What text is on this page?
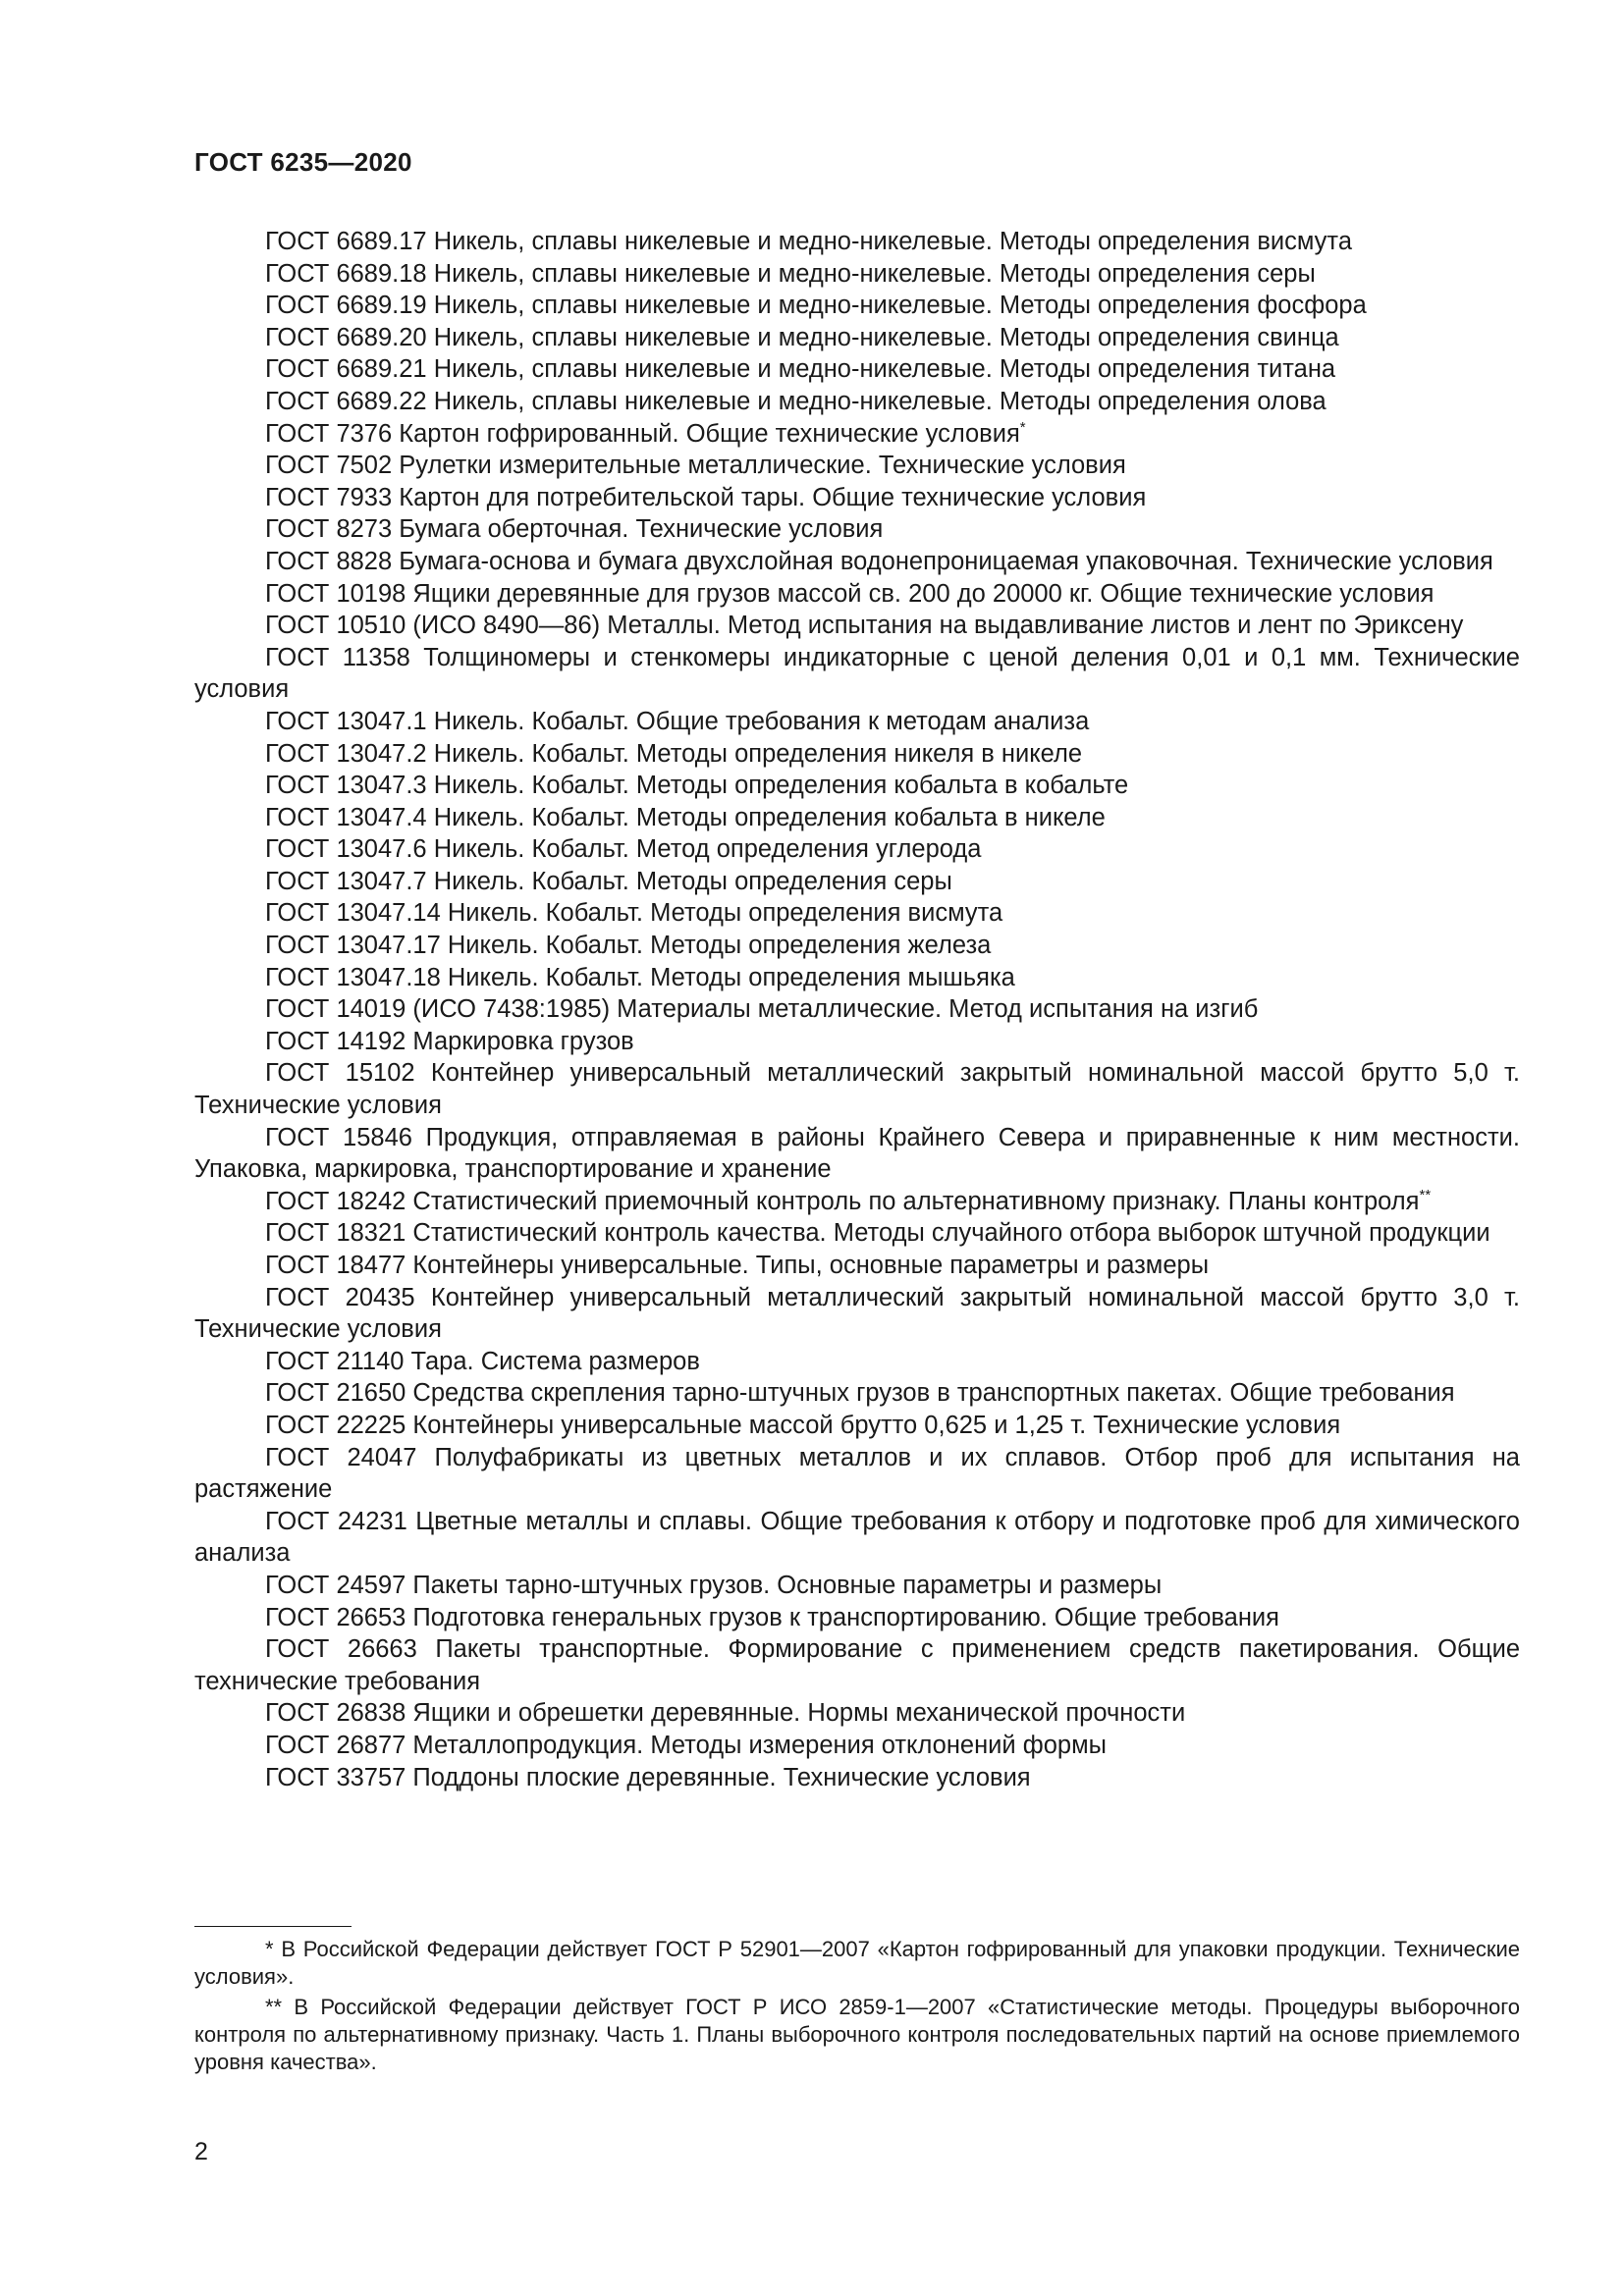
ГОСТ 6235—2020

ГОСТ 6689.17 Никель, сплавы никелевые и медно-никелевые. Методы определения висмута

ГОСТ 6689.18 Никель, сплавы никелевые и медно-никелевые. Методы определения серы

ГОСТ 6689.19 Никель, сплавы никелевые и медно-никелевые. Методы определения фосфора

ГОСТ 6689.20 Никель, сплавы никелевые и медно-никелевые. Методы определения свинца

ГОСТ 6689.21 Никель, сплавы никелевые и медно-никелевые. Методы определения титана

ГОСТ 6689.22 Никель, сплавы никелевые и медно-никелевые. Методы определения олова

ГОСТ 7376 Картон гофрированный. Общие технические условия*

ГОСТ 7502 Рулетки измерительные металлические. Технические условия

ГОСТ 7933 Картон для потребительской тары. Общие технические условия

ГОСТ 8273 Бумага оберточная. Технические условия

ГОСТ 8828 Бумага-основа и бумага двухслойная водонепроницаемая упаковочная. Технические условия

ГОСТ 10198 Ящики деревянные для грузов массой св. 200 до 20000 кг. Общие технические условия

ГОСТ 10510 (ИСО 8490—86) Металлы. Метод испытания на выдавливание листов и лент по Эриксену

ГОСТ 11358 Толщиномеры и стенкомеры индикаторные с ценой деления 0,01 и 0,1 мм. Технические условия

ГОСТ 13047.1 Никель. Кобальт. Общие требования к методам анализа

ГОСТ 13047.2 Никель. Кобальт. Методы определения никеля в никеле

ГОСТ 13047.3 Никель. Кобальт. Методы определения кобальта в кобальте

ГОСТ 13047.4 Никель. Кобальт. Методы определения кобальта в никеле

ГОСТ 13047.6 Никель. Кобальт. Метод определения углерода

ГОСТ 13047.7 Никель. Кобальт. Методы определения серы

ГОСТ 13047.14 Никель. Кобальт. Методы определения висмута

ГОСТ 13047.17 Никель. Кобальт. Методы определения железа

ГОСТ 13047.18 Никель. Кобальт. Методы определения мышьяка

ГОСТ 14019 (ИСО 7438:1985) Материалы металлические. Метод испытания на изгиб

ГОСТ 14192 Маркировка грузов

ГОСТ 15102 Контейнер универсальный металлический закрытый номинальной массой брутто 5,0 т. Технические условия

ГОСТ 15846 Продукция, отправляемая в районы Крайнего Севера и приравненные к ним местности. Упаковка, маркировка, транспортирование и хранение

ГОСТ 18242 Статистический приемочный контроль по альтернативному признаку. Планы контроля**

ГОСТ 18321 Статистический контроль качества. Методы случайного отбора выборок штучной продукции

ГОСТ 18477 Контейнеры универсальные. Типы, основные параметры и размеры

ГОСТ 20435 Контейнер универсальный металлический закрытый номинальной массой брутто 3,0 т. Технические условия

ГОСТ 21140 Тара. Система размеров

ГОСТ 21650 Средства скрепления тарно-штучных грузов в транспортных пакетах. Общие требования

ГОСТ 22225 Контейнеры универсальные массой брутто 0,625 и 1,25 т. Технические условия

ГОСТ 24047 Полуфабрикаты из цветных металлов и их сплавов. Отбор проб для испытания на растяжение

ГОСТ 24231 Цветные металлы и сплавы. Общие требования к отбору и подготовке проб для химического анализа

ГОСТ 24597 Пакеты тарно-штучных грузов. Основные параметры и размеры

ГОСТ 26653 Подготовка генеральных грузов к транспортированию. Общие требования

ГОСТ 26663 Пакеты транспортные. Формирование с применением средств пакетирования. Общие технические требования

ГОСТ 26838 Ящики и обрешетки деревянные. Нормы механической прочности

ГОСТ 26877 Металлопродукция. Методы измерения отклонений формы

ГОСТ 33757 Поддоны плоские деревянные. Технические условия

* В Российской Федерации действует ГОСТ Р 52901—2007 «Картон гофрированный для упаковки продукции. Технические условия».

** В Российской Федерации действует ГОСТ Р ИСО 2859-1—2007 «Статистические методы. Процедуры выборочного контроля по альтернативному признаку. Часть 1. Планы выборочного контроля последовательных партий на основе приемлемого уровня качества».

2
